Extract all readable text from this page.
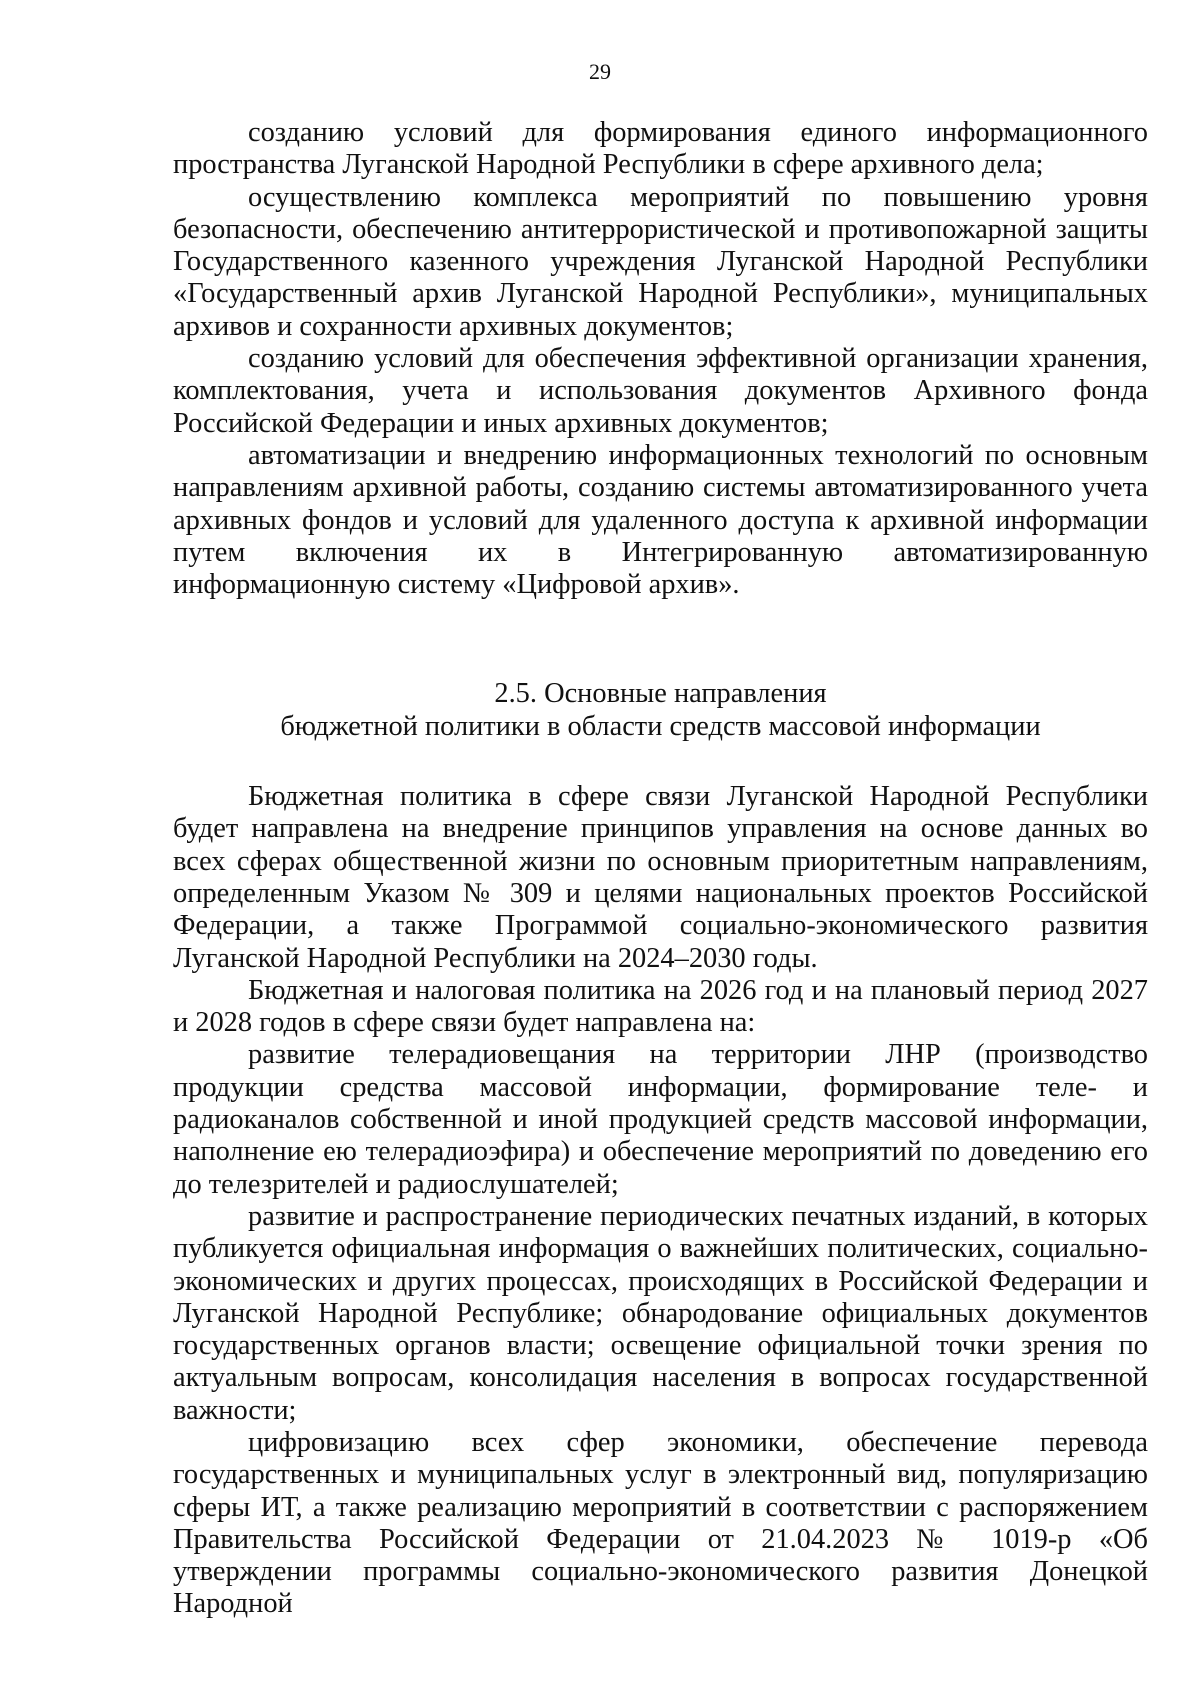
29

созданию условий для формирования единого информационного пространства Луганской Народной Республики в сфере архивного дела;

осуществлению комплекса мероприятий по повышению уровня безопасности, обеспечению антитеррористической и противопожарной защиты Государственного казенного учреждения Луганской Народной Республики «Государственный архив Луганской Народной Республики», муниципальных архивов и сохранности архивных документов;

созданию условий для обеспечения эффективной организации хранения, комплектования, учета и использования документов Архивного фонда Российской Федерации и иных архивных документов;

автоматизации и внедрению информационных технологий по основным направлениям архивной работы, созданию системы автоматизированного учета архивных фондов и условий для удаленного доступа к архивной информации путем включения их в Интегрированную автоматизированную информационную систему «Цифровой архив».

2.5. Основные направления

бюджетной политики в области средств массовой информации

Бюджетная политика в сфере связи Луганской Народной Республики будет направлена на внедрение принципов управления на основе данных во всех сферах общественной жизни по основным приоритетным направлениям, определенным Указом № 309 и целями национальных проектов Российской Федерации, а также Программой социально-экономического развития Луганской Народной Республики на 2024–2030 годы.

Бюджетная и налоговая политика на 2026 год и на плановый период 2027 и 2028 годов в сфере связи будет направлена на:

развитие телерадиовещания на территории ЛНР (производство продукции средства массовой информации, формирование теле- и радиоканалов собственной и иной продукцией средств массовой информации, наполнение ею телерадиоэфира) и обеспечение мероприятий по доведению его до телезрителей и радиослушателей;

развитие и распространение периодических печатных изданий, в которых публикуется официальная информация о важнейших политических, социально-экономических и других процессах, происходящих в Российской Федерации и Луганской Народной Республике; обнародование официальных документов государственных органов власти; освещение официальной точки зрения по актуальным вопросам, консолидация населения в вопросах государственной важности;

цифровизацию всех сфер экономики, обеспечение перевода государственных и муниципальных услуг в электронный вид, популяризацию сферы ИТ, а также реализацию мероприятий в соответствии с распоряжением Правительства Российской Федерации от 21.04.2023 № 1019-р «Об утверждении программы социально-экономического развития Донецкой Народной
